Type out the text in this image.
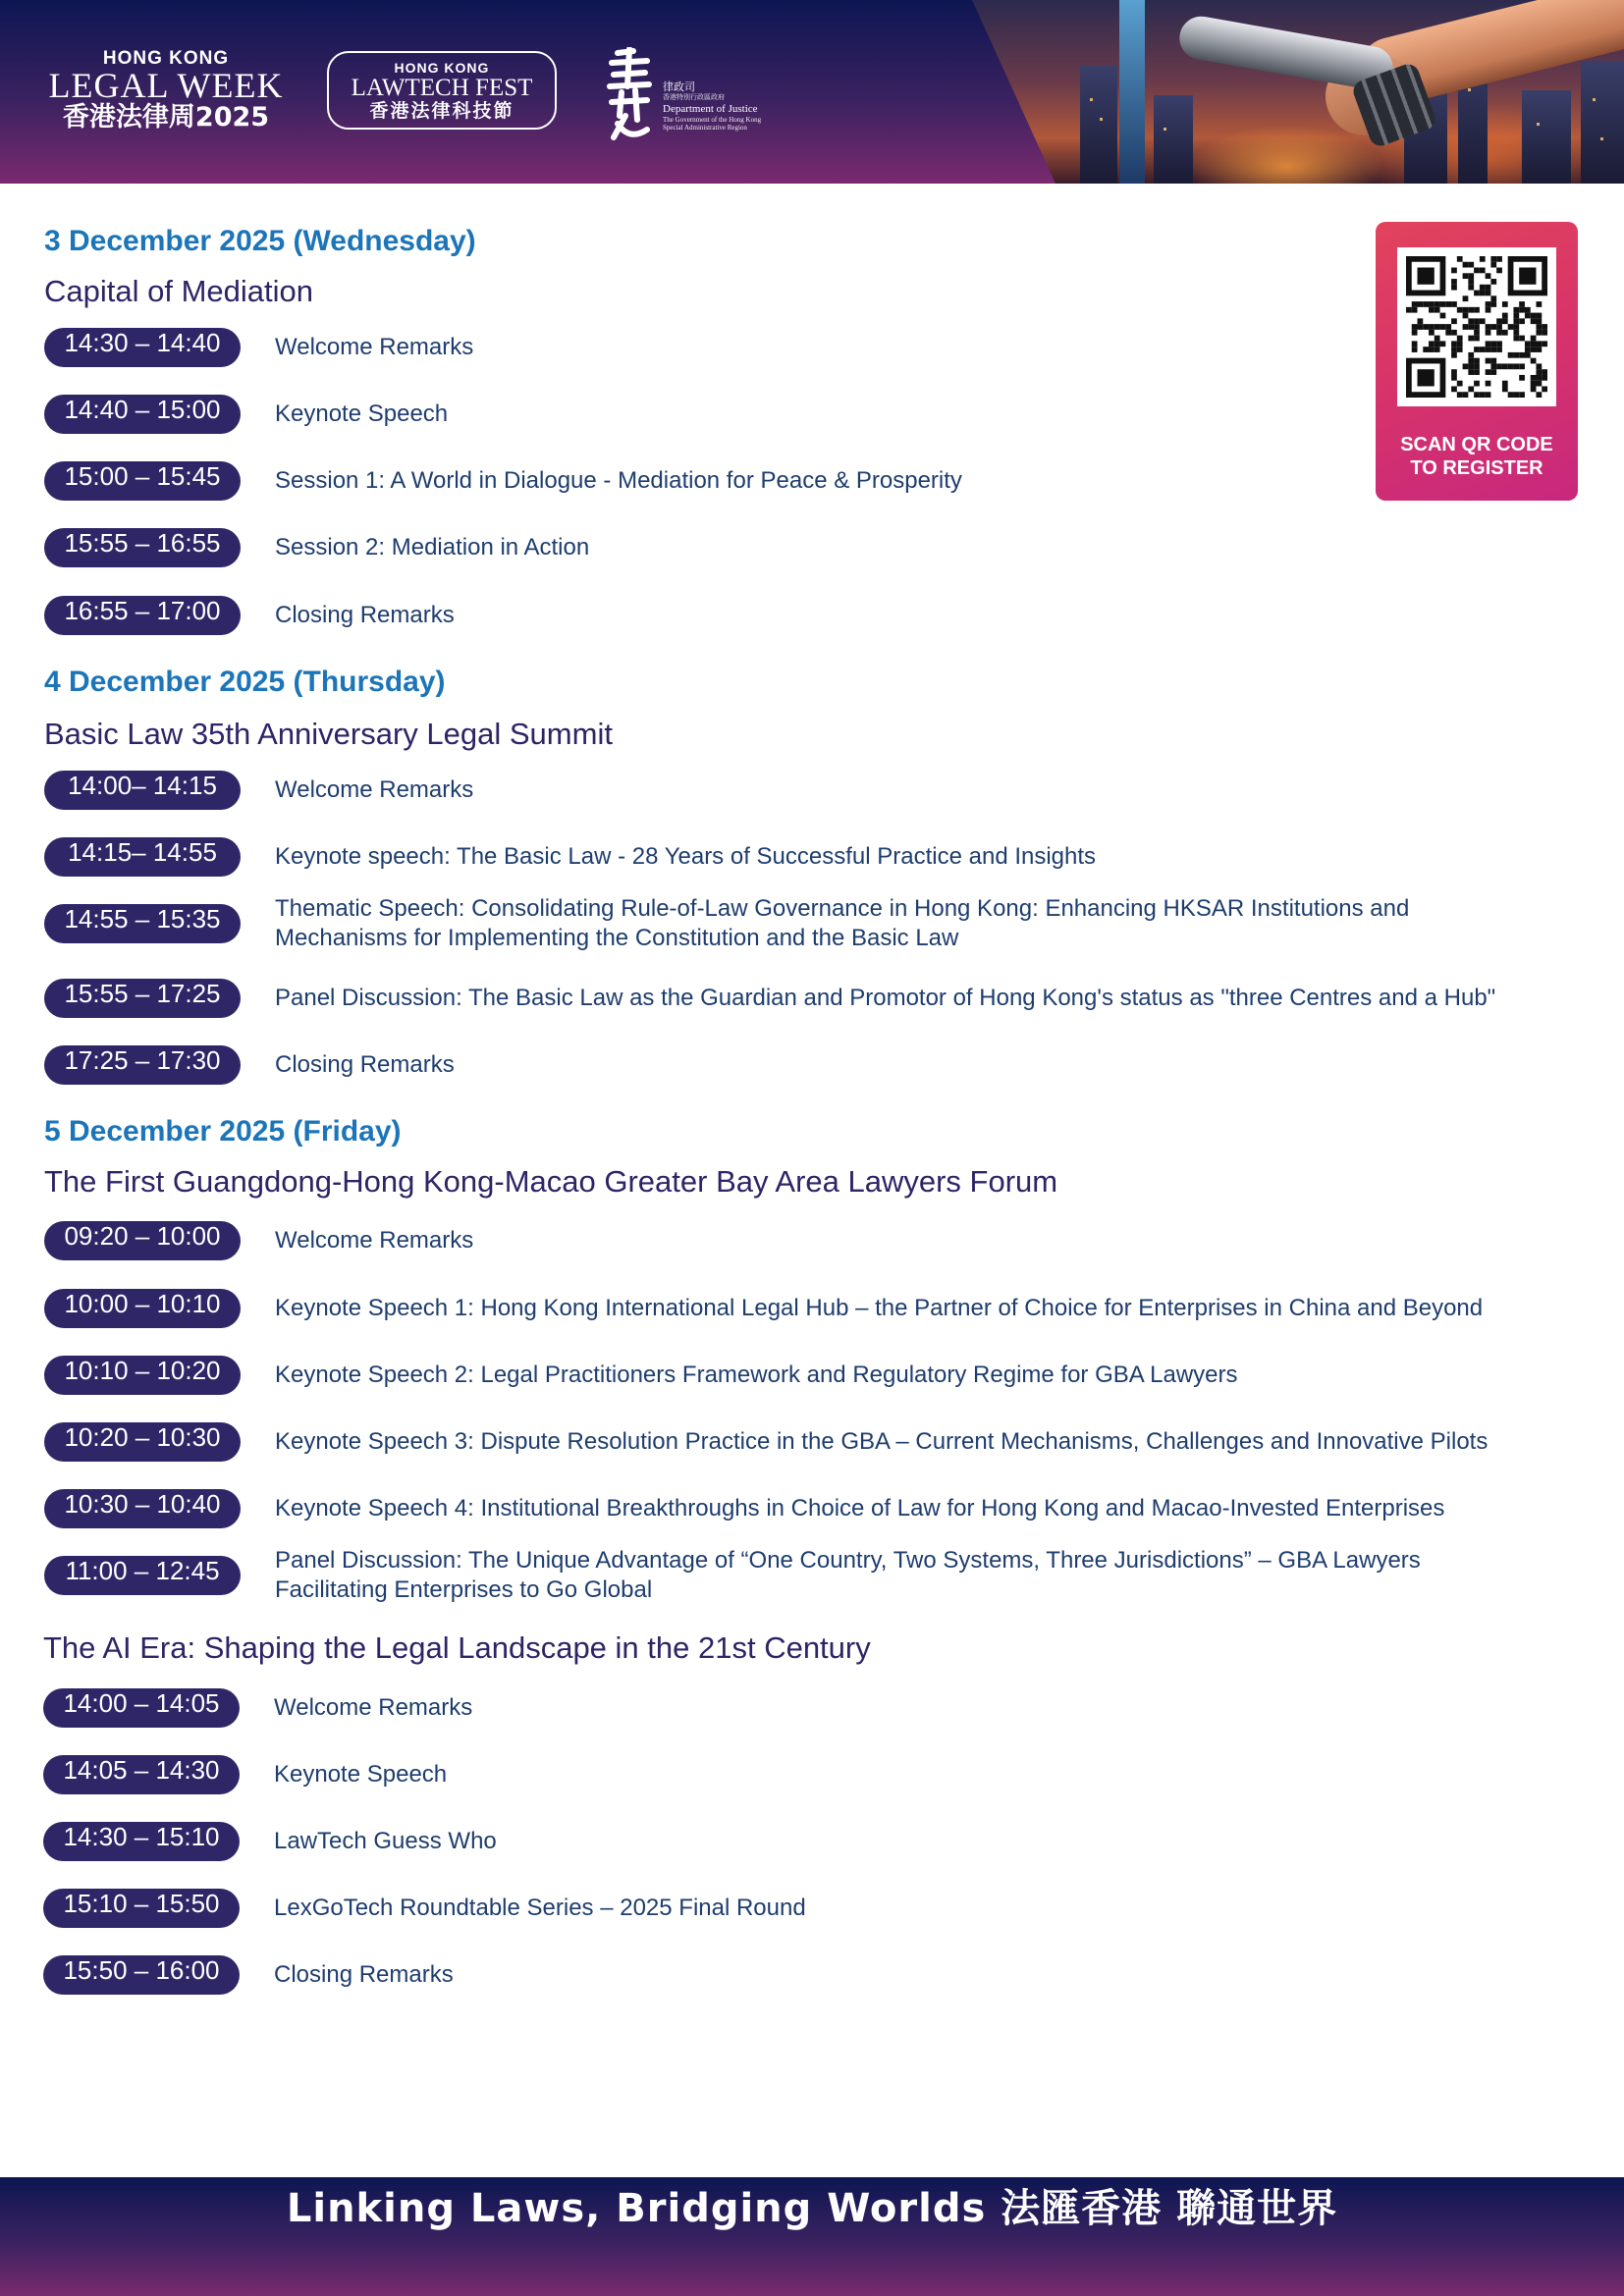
HONG KONG
LEGAL WEEK
香港法律周2025
HONG KONG
LAWTECH FEST
香港法律科技節
律政司
香港特別行政區政府
Department of Justice
The Government of the Hong Kong Special Administrative Region
SCAN QR CODE
TO REGISTER
3 December 2025 (Wednesday)
Capital of Mediation
14:30 – 14:40	Welcome Remarks
14:40 – 15:00	Keynote Speech
15:00 – 15:45	Session 1: A World in Dialogue - Mediation for Peace & Prosperity
15:55 – 16:55	Session 2: Mediation in Action
16:55 – 17:00	Closing Remarks
4 December 2025 (Thursday)
Basic Law 35th Anniversary Legal Summit
14:00– 14:15	Welcome Remarks
14:15– 14:55	Keynote speech: The Basic Law - 28 Years of Successful Practice and Insights
14:55 – 15:35	Thematic Speech: Consolidating Rule-of-Law Governance in Hong Kong: Enhancing HKSAR Institutions and Mechanisms for Implementing the Constitution and the Basic Law
15:55 – 17:25	Panel Discussion: The Basic Law as the Guardian and Promotor of Hong Kong's status as "three Centres and a Hub"
17:25 – 17:30	Closing Remarks
5 December 2025 (Friday)
The First Guangdong-Hong Kong-Macao Greater Bay Area Lawyers Forum
09:20 – 10:00	Welcome Remarks
10:00 – 10:10	Keynote Speech 1: Hong Kong International Legal Hub – the Partner of Choice for Enterprises in China and Beyond
10:10 – 10:20	Keynote Speech 2: Legal Practitioners Framework and Regulatory Regime for GBA Lawyers
10:20 – 10:30	Keynote Speech 3: Dispute Resolution Practice in the GBA – Current Mechanisms, Challenges and Innovative Pilots
10:30 – 10:40	Keynote Speech 4: Institutional Breakthroughs in Choice of Law for Hong Kong and Macao-Invested Enterprises
11:00 – 12:45	Panel Discussion: The Unique Advantage of “One Country, Two Systems, Three Jurisdictions” – GBA Lawyers Facilitating Enterprises to Go Global
The AI Era: Shaping the Legal Landscape in the 21st Century
14:00 – 14:05	Welcome Remarks
14:05 – 14:30	Keynote Speech
14:30 – 15:10	LawTech Guess Who
15:10 – 15:50	LexGoTech Roundtable Series – 2025 Final Round
15:50 – 16:00	Closing Remarks
Linking Laws, Bridging Worlds 法匯香港 聯通世界
